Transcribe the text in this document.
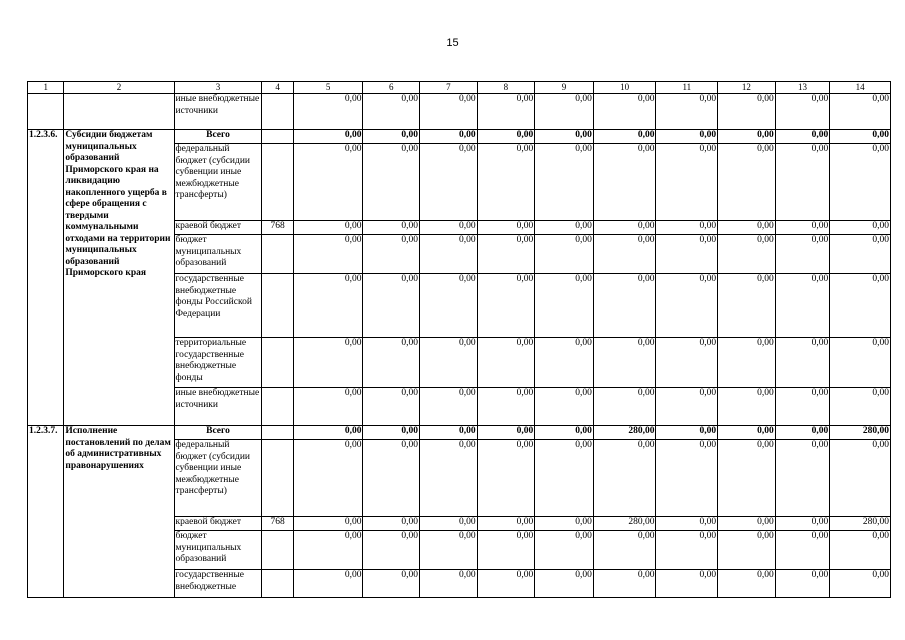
15
1	2	3	4	5	6	7	8	9	10	11	12	13	14
		иные внебюджетные источники		0,00	0,00	0,00	0,00	0,00	0,00	0,00	0,00	0,00	0,00
1.2.3.6.	Субсидии бюджетам муниципальных образований Приморского края на ликвидацию накопленного ущерба в сфере обращения с твердыми коммунальными отходами на территории муниципальных образований Приморского края	Всего		0,00	0,00	0,00	0,00	0,00	0,00	0,00	0,00	0,00	0,00
		федеральный бюджет (субсидии субвенции иные межбюджетные трансферты)		0,00	0,00	0,00	0,00	0,00	0,00	0,00	0,00	0,00	0,00
		краевой бюджет	768	0,00	0,00	0,00	0,00	0,00	0,00	0,00	0,00	0,00	0,00
		бюджет муниципальных образований		0,00	0,00	0,00	0,00	0,00	0,00	0,00	0,00	0,00	0,00
		государственные внебюджетные фонды Российской Федерации		0,00	0,00	0,00	0,00	0,00	0,00	0,00	0,00	0,00	0,00
		территориальные государственные внебюджетные фонды		0,00	0,00	0,00	0,00	0,00	0,00	0,00	0,00	0,00	0,00
		иные внебюджетные источники		0,00	0,00	0,00	0,00	0,00	0,00	0,00	0,00	0,00	0,00
1.2.3.7.	Исполнение постановлений по делам об административных правонарушениях	Всего		0,00	0,00	0,00	0,00	0,00	280,00	0,00	0,00	0,00	280,00
		федеральный бюджет (субсидии субвенции иные межбюджетные трансферты)		0,00	0,00	0,00	0,00	0,00	0,00	0,00	0,00	0,00	0,00
		краевой бюджет	768	0,00	0,00	0,00	0,00	0,00	280,00	0,00	0,00	0,00	280,00
		бюджет муниципальных образований		0,00	0,00	0,00	0,00	0,00	0,00	0,00	0,00	0,00	0,00
		государственные внебюджетные		0,00	0,00	0,00	0,00	0,00	0,00	0,00	0,00	0,00	0,00
